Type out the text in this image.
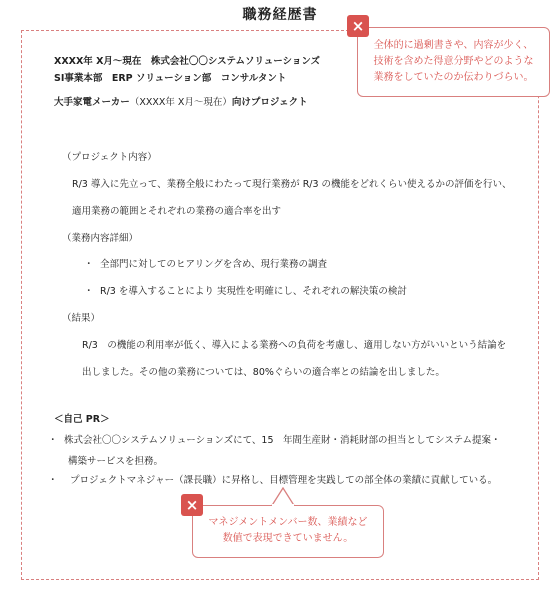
職務経歴書
XXXX年 X月〜現在　株式会社〇〇システムソリューションズ
SI事業本部　ERP ソリューション部　コンサルタント
大手家電メーカー（XXXX年 X月〜現在）向けプロジェクト
（プロジェクト内容）
R/3 導入に先立って、業務全般にわたって現行業務が R/3 の機能をどれくらい使えるかの評価を行い、
適用業務の範囲とそれぞれの業務の適合率を出す
（業務内容詳細）
・ 全部門に対してのヒアリングを含め、現行業務の調査
・ R/3 を導入することにより 実現性を明確にし、それぞれの解決策の検討
（結果）
R/3　の機能の利用率が低く、導入による業務への負荷を考慮し、適用しない方がいいという結論を
出しました。その他の業務については、80%ぐらいの適合率との結論を出しました。
＜自己 PR＞
・ 株式会社〇〇システムソリューションズにて、15　年間生産財・消耗財部の担当としてシステム提案・
構築サービスを担務。
・ プロジェクトマネジャー（課長職）に昇格し、目標管理を実践しての部全体の業績に貢献している。
全体的に過剰書きや、内容が少く、
技術を含めた得意分野やどのような
業務をしていたのか伝わりづらい。
×
マネジメントメンバー数、業績など
数値で表現できていません。
×
